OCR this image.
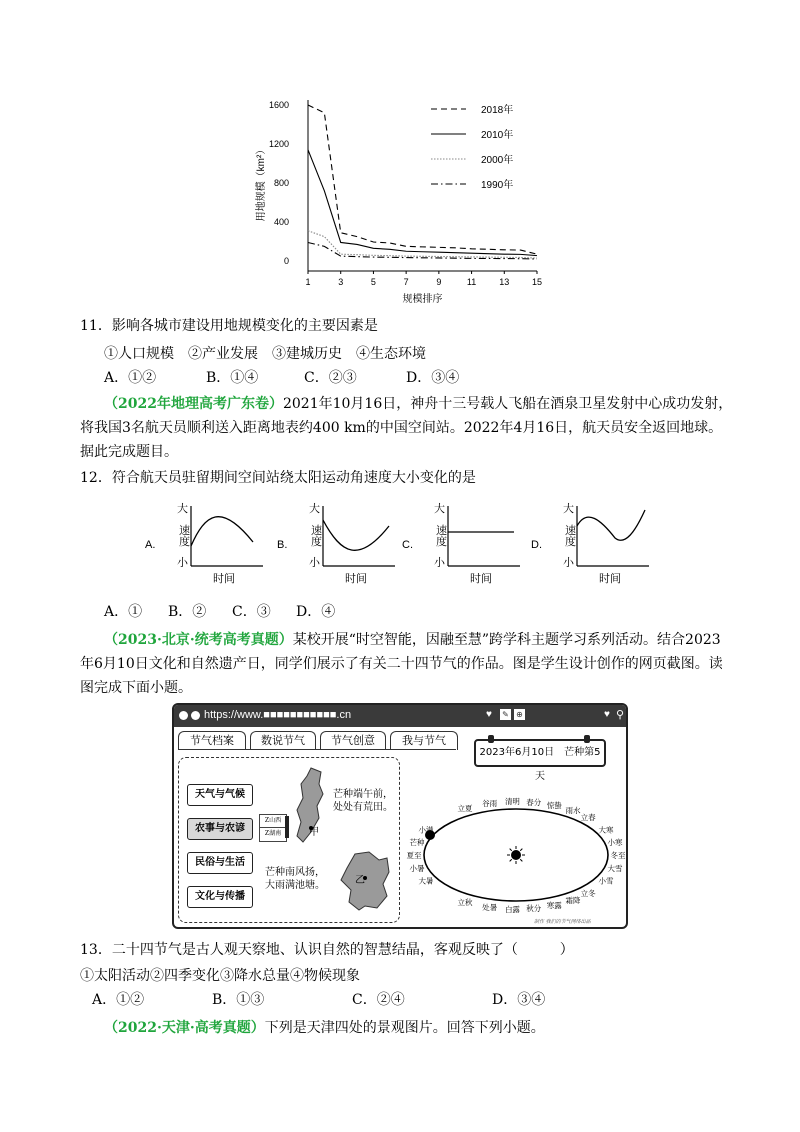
1600
1200
800
400
0
1	3	5	7	9	11	13	15
用地规模（km²）
规模排序
2018年
2010年
2000年
1990年
11．影响各城市建设用地规模变化的主要因素是
①人口规模　②产业发展　③建城历史　④生态环境
A．①②	B．①④	C．②③	D．③④
（2022年地理高考广东卷）2021年10月16日，神舟十三号载人飞船在酒泉卫星发射中心成功发射，
将我国3名航天员顺利送入距离地表约400 km的中国空间站。2022年4月16日，航天员安全返回地球。
据此完成题目。
12．符合航天员驻留期间空间站绕太阳运动角速度大小变化的是
A.
大
小
速
度
时间
B.
大
小
速
度
时间
C.
大
小
速
度
时间
D.
大
小
速
度
时间
A．① B．② C．③ D．④
（2023·北京·统考高考真题）某校开展“时空智能，因融至慧”跨学科主题学习系列活动。结合2023
年6月10日文化和自然遗产日，同学们展示了有关二十四节气的作品。图是学生设计创作的网页截图。读
图完成下面小题。
https://www.■■■■■■■■■■■.cn	♥ ✎ ⊕	♥ ⚲
节气档案	数说节气	节气创意	我与节气
天气与气候
农事与农谚
民俗与生活
文化与传播
Z山西
Z湖南	甲
芒种端午前，
处处有荒田。
芒种南风扬，
大雨满池塘。	乙
2023年6月10日　芒种第5天
立夏
谷雨 清明 春分 惊蛰
雨水
立春
大寒
小寒
冬至
大雪
小雪
立冬
霜降
寒露
秋分
白露
处暑
立秋
小满
芒种
夏至
小暑
大暑
制作 我们的节气网络出品
13．二十四节气是古人观天察地、认识自然的智慧结晶，客观反映了（　　　）
①太阳活动②四季变化③降水总量④物候现象
A．①②	B．①③	C．②④	D．③④
（2022·天津·高考真题）下列是天津四处的景观图片。回答下列小题。
